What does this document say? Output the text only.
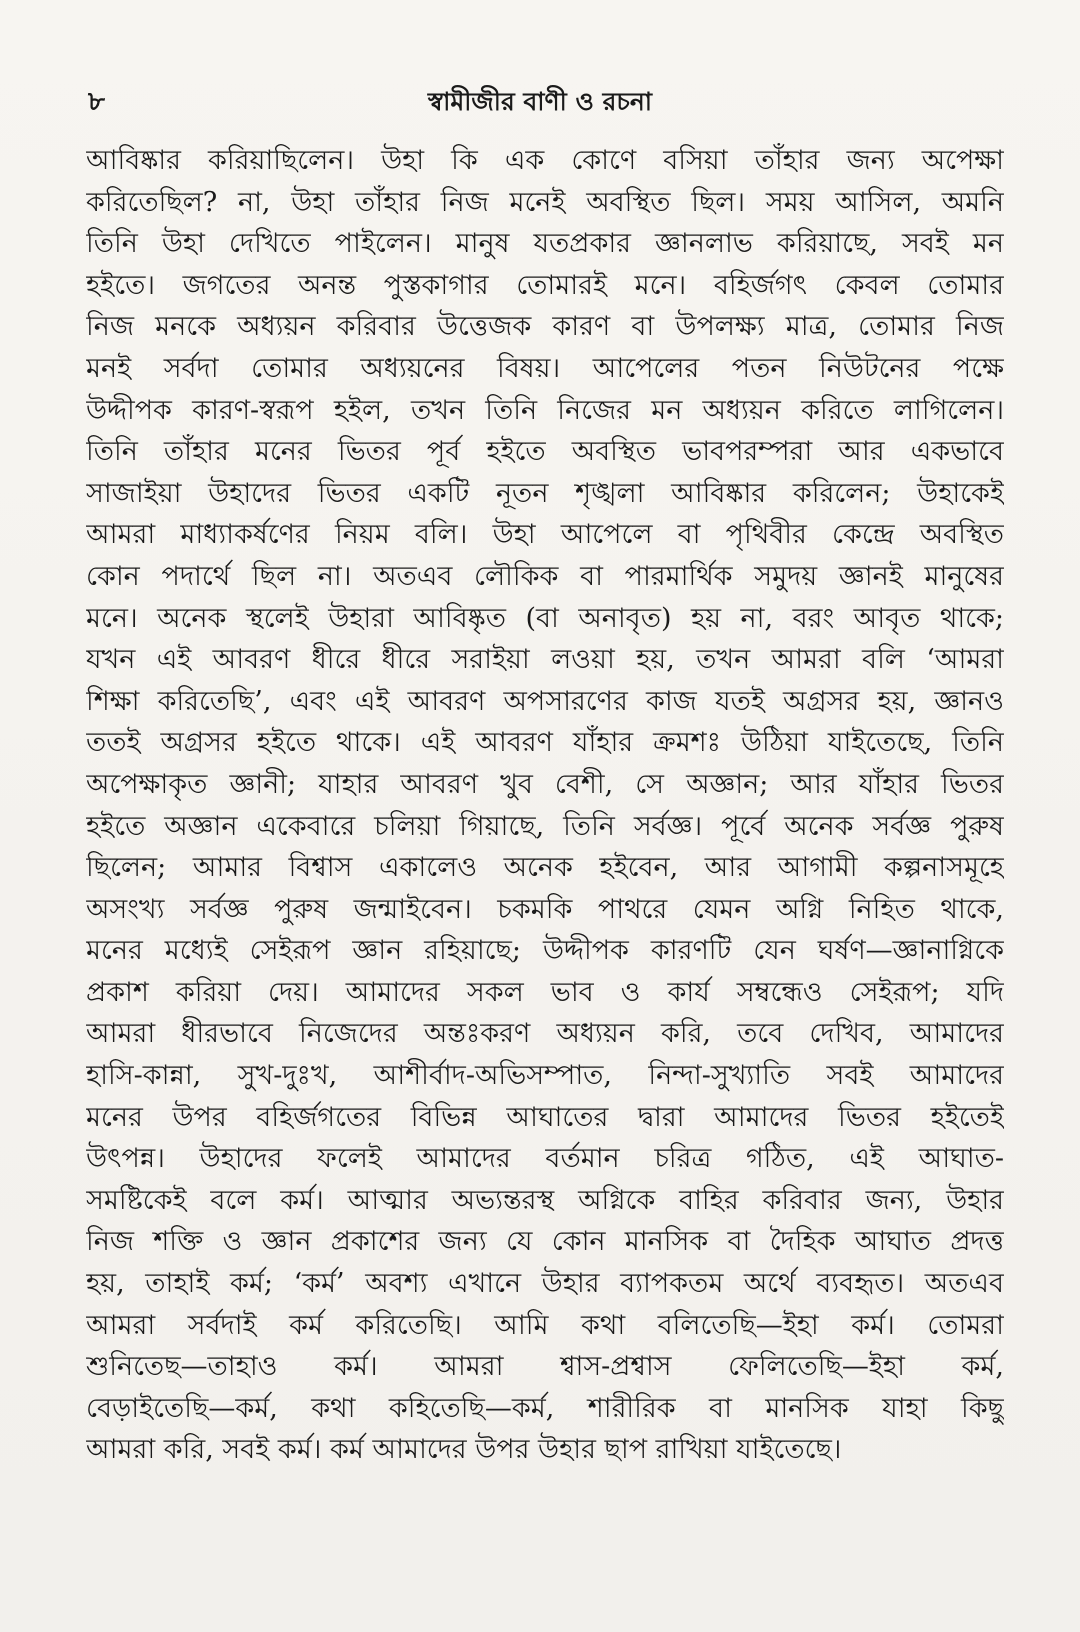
৮	স্বামীজীর বাণী ও রচনা
আবিষ্কার করিয়াছিলেন। উহা কি এক কোণে বসিয়া তাঁহার জন্য অপেক্ষা
করিতেছিল? না, উহা তাঁহার নিজ মনেই অবস্থিত ছিল। সময় আসিল, অমনি
তিনি উহা দেখিতে পাইলেন। মানুষ যতপ্রকার জ্ঞানলাভ করিয়াছে, সবই মন
হইতে। জগতের অনন্ত পুস্তকাগার তোমারই মনে। বহির্জগৎ কেবল তোমার
নিজ মনকে অধ্যয়ন করিবার উত্তেজক কারণ বা উপলক্ষ্য মাত্র, তোমার নিজ
মনই সর্বদা তোমার অধ্যয়নের বিষয়। আপেলের পতন নিউটনের পক্ষে
উদ্দীপক কারণ-স্বরূপ হইল, তখন তিনি নিজের মন অধ্যয়ন করিতে লাগিলেন।
তিনি তাঁহার মনের ভিতর পূর্ব হইতে অবস্থিত ভাবপরম্পরা আর একভাবে
সাজাইয়া উহাদের ভিতর একটি নূতন শৃঙ্খলা আবিষ্কার করিলেন; উহাকেই
আমরা মাধ্যাকর্ষণের নিয়ম বলি। উহা আপেলে বা পৃথিবীর কেন্দ্রে অবস্থিত
কোন পদার্থে ছিল না। অতএব লৌকিক বা পারমার্থিক সমুদয় জ্ঞানই মানুষের
মনে। অনেক স্থলেই উহারা আবিষ্কৃত (বা অনাবৃত) হয় না, বরং আবৃত থাকে;
যখন এই আবরণ ধীরে ধীরে সরাইয়া লওয়া হয়, তখন আমরা বলি ‘আমরা
শিক্ষা করিতেছি’, এবং এই আবরণ অপসারণের কাজ যতই অগ্রসর হয়, জ্ঞানও
ততই অগ্রসর হইতে থাকে। এই আবরণ যাঁহার ক্রমশঃ উঠিয়া যাইতেছে, তিনি
অপেক্ষাকৃত জ্ঞানী; যাহার আবরণ খুব বেশী, সে অজ্ঞান; আর যাঁহার ভিতর
হইতে অজ্ঞান একেবারে চলিয়া গিয়াছে, তিনি সর্বজ্ঞ। পূর্বে অনেক সর্বজ্ঞ পুরুষ
ছিলেন; আমার বিশ্বাস একালেও অনেক হইবেন, আর আগামী কল্পনাসমূহে
অসংখ্য সর্বজ্ঞ পুরুষ জন্মাইবেন। চকমকি পাথরে যেমন অগ্নি নিহিত থাকে,
মনের মধ্যেই সেইরূপ জ্ঞান রহিয়াছে; উদ্দীপক কারণটি যেন ঘর্ষণ—জ্ঞানাগ্নিকে
প্রকাশ করিয়া দেয়। আমাদের সকল ভাব ও কার্য সম্বন্ধেও সেইরূপ; যদি
আমরা ধীরভাবে নিজেদের অন্তঃকরণ অধ্যয়ন করি, তবে দেখিব, আমাদের
হাসি-কান্না, সুখ-দুঃখ, আশীর্বাদ-অভিসম্পাত, নিন্দা-সুখ্যাতি সবই আমাদের
মনের উপর বহির্জগতের বিভিন্ন আঘাতের দ্বারা আমাদের ভিতর হইতেই
উৎপন্ন। উহাদের ফলেই আমাদের বর্তমান চরিত্র গঠিত, এই আঘাত-
সমষ্টিকেই বলে কর্ম। আত্মার অভ্যন্তরস্থ অগ্নিকে বাহির করিবার জন্য, উহার
নিজ শক্তি ও জ্ঞান প্রকাশের জন্য যে কোন মানসিক বা দৈহিক আঘাত প্রদত্ত
হয়, তাহাই কর্ম; ‘কর্ম’ অবশ্য এখানে উহার ব্যাপকতম অর্থে ব্যবহৃত। অতএব
আমরা সর্বদাই কর্ম করিতেছি। আমি কথা বলিতেছি—ইহা কর্ম। তোমরা
শুনিতেছ—তাহাও কর্ম। আমরা শ্বাস-প্রশ্বাস ফেলিতেছি—ইহা কর্ম,
বেড়াইতেছি—কর্ম, কথা কহিতেছি—কর্ম, শারীরিক বা মানসিক যাহা কিছু
আমরা করি, সবই কর্ম। কর্ম আমাদের উপর উহার ছাপ রাখিয়া যাইতেছে।
